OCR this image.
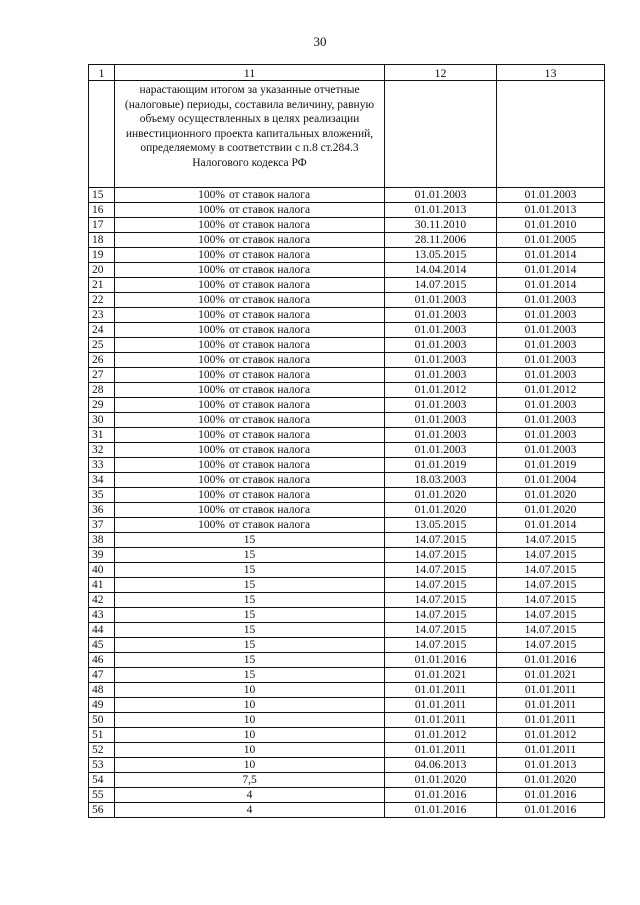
30
1	11	12	13
	нарастающим итогом за указанные отчетные (налоговые) периоды, составила величину, равную объему осуществленных в целях реализации инвестиционного проекта капитальных вложений, определяемому в соответствии с п.8 ст.284.3 Налогового кодекса РФ		
15	100% от ставок налога	01.01.2003	01.01.2003
16	100% от ставок налога	01.01.2013	01.01.2013
17	100% от ставок налога	30.11.2010	01.01.2010
18	100% от ставок налога	28.11.2006	01.01.2005
19	100% от ставок налога	13.05.2015	01.01.2014
20	100% от ставок налога	14.04.2014	01.01.2014
21	100% от ставок налога	14.07.2015	01.01.2014
22	100% от ставок налога	01.01.2003	01.01.2003
23	100% от ставок налога	01.01.2003	01.01.2003
24	100% от ставок налога	01.01.2003	01.01.2003
25	100% от ставок налога	01.01.2003	01.01.2003
26	100% от ставок налога	01.01.2003	01.01.2003
27	100% от ставок налога	01.01.2003	01.01.2003
28	100% от ставок налога	01.01.2012	01.01.2012
29	100% от ставок налога	01.01.2003	01.01.2003
30	100% от ставок налога	01.01.2003	01.01.2003
31	100% от ставок налога	01.01.2003	01.01.2003
32	100% от ставок налога	01.01.2003	01.01.2003
33	100% от ставок налога	01.01.2019	01.01.2019
34	100% от ставок налога	18.03.2003	01.01.2004
35	100% от ставок налога	01.01.2020	01.01.2020
36	100% от ставок налога	01.01.2020	01.01.2020
37	100% от ставок налога	13.05.2015	01.01.2014
38	15	14.07.2015	14.07.2015
39	15	14.07.2015	14.07.2015
40	15	14.07.2015	14.07.2015
41	15	14.07.2015	14.07.2015
42	15	14.07.2015	14.07.2015
43	15	14.07.2015	14.07.2015
44	15	14.07.2015	14.07.2015
45	15	14.07.2015	14.07.2015
46	15	01.01.2016	01.01.2016
47	15	01.01.2021	01.01.2021
48	10	01.01.2011	01.01.2011
49	10	01.01.2011	01.01.2011
50	10	01.01.2011	01.01.2011
51	10	01.01.2012	01.01.2012
52	10	01.01.2011	01.01.2011
53	10	04.06.2013	01.01.2013
54	7,5	01.01.2020	01.01.2020
55	4	01.01.2016	01.01.2016
56	4	01.01.2016	01.01.2016
